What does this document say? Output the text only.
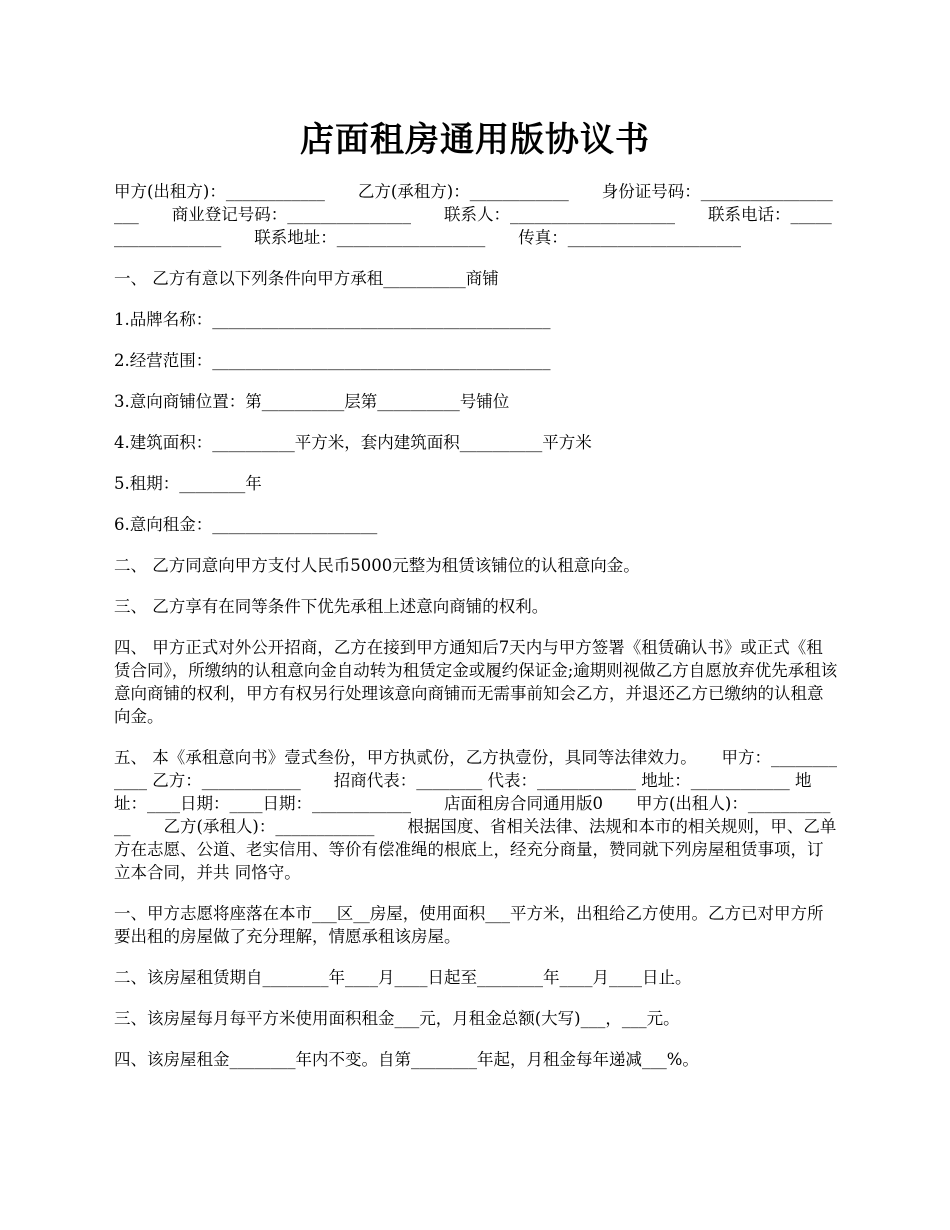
店面租房通用版协议书

甲方(出租方)：____________　　乙方(承租方)：____________　　身份证号码：___________________　　商业登记号码：_______________　　联系人：____________________　　联系电话：__________________　　联系地址：__________________　　传真：_____________________

一、 乙方有意以下列条件向甲方承租__________商铺

1.品牌名称：_________________________________________

2.经营范围：_________________________________________

3.意向商铺位置：第__________层第__________号铺位

4.建筑面积：__________平方米，套内建筑面积__________平方米

5.租期：________年

6.意向租金：____________________

二、 乙方同意向甲方支付人民币5000元整为租赁该铺位的认租意向金。

三、 乙方享有在同等条件下优先承租上述意向商铺的权利。

四、 甲方正式对外公开招商，乙方在接到甲方通知后7天内与甲方签署《租赁确认书》或正式《租赁合同》，所缴纳的认租意向金自动转为租赁定金或履约保证金;逾期则视做乙方自愿放弃优先承租该意向商铺的权利，甲方有权另行处理该意向商铺而无需事前知会乙方，并退还乙方已缴纳的认租意向金。

五、 本《承租意向书》壹式叁份，甲方执贰份，乙方执壹份，具同等法律效力。　　甲方：____________ 乙方：____________　　招商代表：________ 代表：____________ 地址：____________ 地址：____日期：____日期：____________　　店面租房合同通用版0　　甲方(出租人)：____________　　乙方(承租人)：____________　　根据国度、省相关法律、法规和本市的相关规则，甲、乙单方在志愿、公道、老实信用、等价有偿准绳的根底上，经充分商量，赞同就下列房屋租赁事项，订立本合同，并共 同恪守。

一、甲方志愿将座落在本市___区__房屋，使用面积___平方米，出租给乙方使用。乙方已对甲方所要出租的房屋做了充分理解，情愿承租该房屋。

二、该房屋租赁期自________年____月____日起至________年____月____日止。

三、该房屋每月每平方米使用面积租金___元，月租金总额(大写)___，___元。

四、该房屋租金________年内不变。自第________年起，月租金每年递减___%。
